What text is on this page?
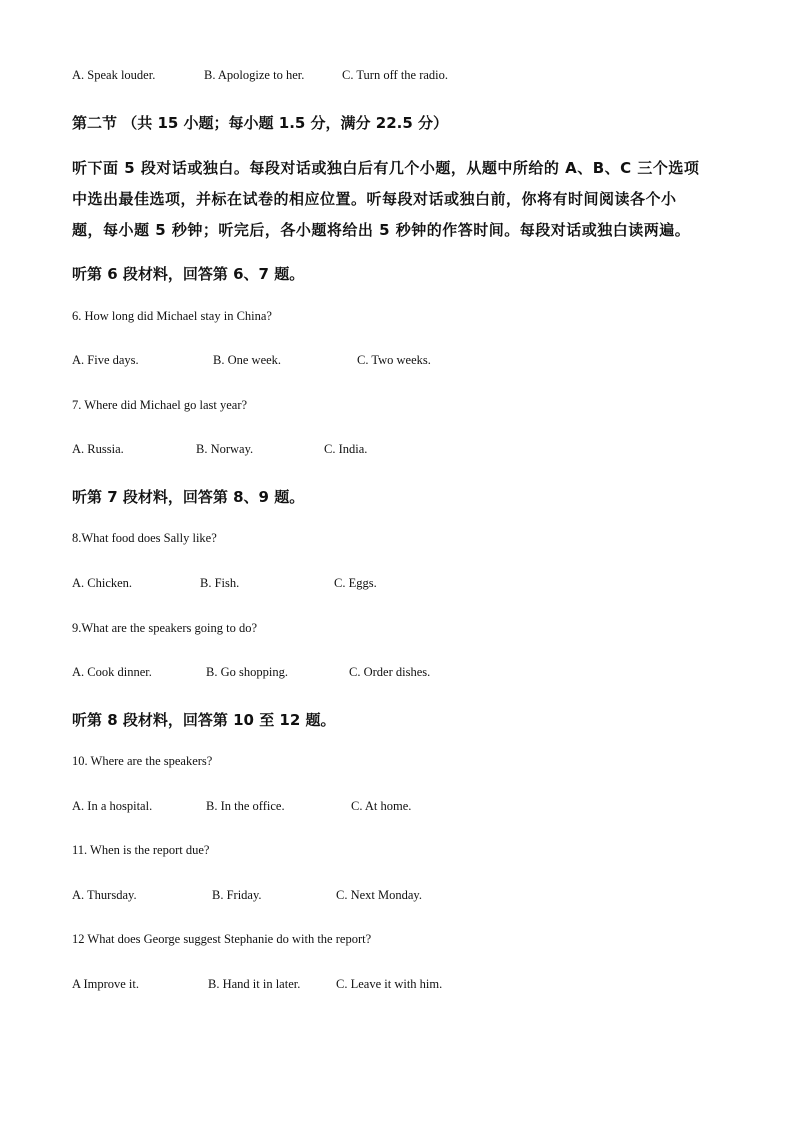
A. Speak louder.	B. Apologize to her.	C. Turn off the radio.
第二节 （共 15 小题；每小题 1.5 分，满分 22.5 分）
听下面 5 段对话或独白。每段对话或独白后有几个小题，从题中所给的 A、B、C 三个选项
中选出最佳选项，并标在试卷的相应位置。听每段对话或独白前，你将有时间阅读各个小
题，每小题 5 秒钟；听完后，各小题将给出 5 秒钟的作答时间。每段对话或独白读两遍。
听第 6 段材料，回答第 6、7 题。
6. How long did Michael stay in China?
A. Five days.	B. One week.	C. Two weeks.
7. Where did Michael go last year?
A. Russia.	B. Norway.	C. India.
听第 7 段材料，回答第 8、9 题。
8.What food does Sally like?
A. Chicken.	B. Fish.	C. Eggs.
9.What are the speakers going to do?
A. Cook dinner.	B. Go shopping.	C. Order dishes.
听第 8 段材料，回答第 10 至 12 题。
10. Where are the speakers?
A. In a hospital.	B. In the office.	C. At home.
11. When is the report due?
A. Thursday.	B. Friday.	C. Next Monday.
12 What does George suggest Stephanie do with the report?
A Improve it.	B. Hand it in later.	C. Leave it with him.
